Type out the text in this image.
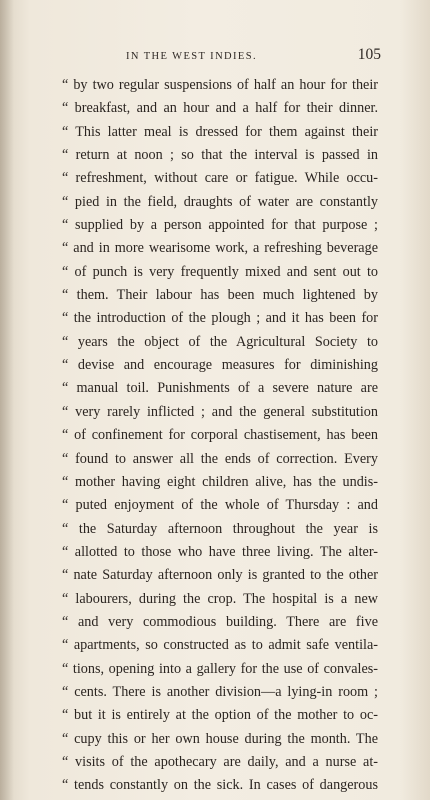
IN THE WEST INDIES.	105
“ by two regular suspensions of half an hour for their
“ breakfast, and an hour and a half for their dinner.
“ This latter meal is dressed for them against their
“ return at noon ; so that the interval is passed in
“ refreshment, without care or fatigue. While occu-
“ pied in the field, draughts of water are constantly
“ supplied by a person appointed for that purpose ;
“ and in more wearisome work, a refreshing beverage
“ of punch is very frequently mixed and sent out to
“ them. Their labour has been much lightened by
“ the introduction of the plough ; and it has been for
“ years the object of the Agricultural Society to
“ devise and encourage measures for diminishing
“ manual toil. Punishments of a severe nature are
“ very rarely inflicted ; and the general substitution
“ of confinement for corporal chastisement, has been
“ found to answer all the ends of correction. Every
“ mother having eight children alive, has the undis-
“ puted enjoyment of the whole of Thursday : and
“ the Saturday afternoon throughout the year is
“ allotted to those who have three living. The alter-
“ nate Saturday afternoon only is granted to the other
“ labourers, during the crop. The hospital is a new
“ and very commodious building. There are five
“ apartments, so constructed as to admit safe ventila-
“ tions, opening into a gallery for the use of convales-
“ cents. There is another division—a lying-in room ;
“ but it is entirely at the option of the mother to oc-
“ cupy this or her own house during the month. The
“ visits of the apothecary are daily, and a nurse at-
“ tends constantly on the sick. In cases of dangerous
